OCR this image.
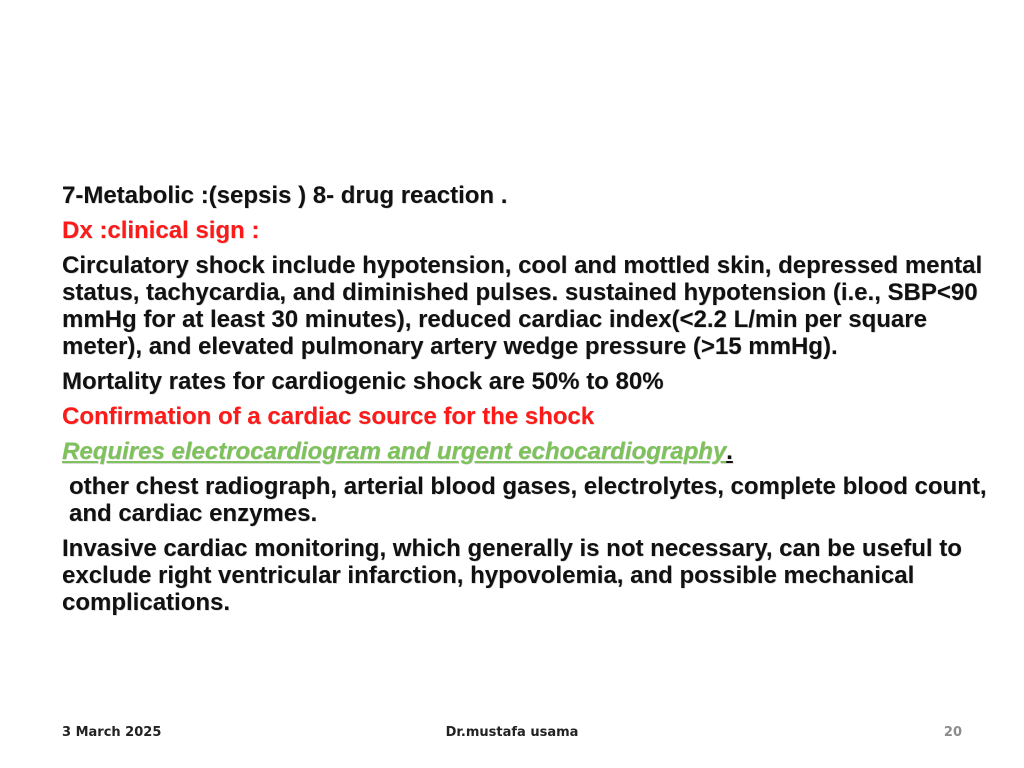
7-Metabolic :(sepsis ) 8- drug reaction .

Dx :clinical sign :

Circulatory shock include hypotension, cool and mottled skin, depressed mental status, tachycardia, and diminished pulses. sustained hypotension (i.e., SBP<90 mmHg for at least 30 minutes), reduced cardiac index(<2.2 L/min per square meter), and elevated pulmonary artery wedge pressure (>15 mmHg).

Mortality rates for cardiogenic shock are 50% to 80%

Confirmation of a cardiac source for the shock

Requires electrocardiogram and urgent echocardiography.

other chest radiograph, arterial blood gases, electrolytes, complete blood count, and cardiac enzymes.

Invasive cardiac monitoring, which generally is not necessary, can be useful to exclude right ventricular infarction, hypovolemia, and possible mechanical complications.

3 March 2025	Dr.mustafa usama	20
